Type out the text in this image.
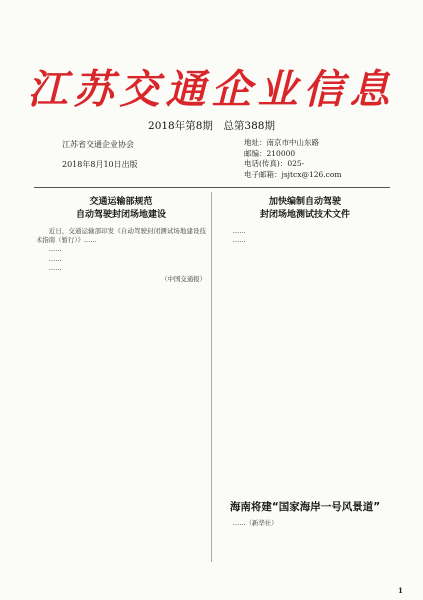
江苏交通企业信息
2018年第8期　总第388期
江苏省交通企业协会
2018年8月10日出版
地址：南京市中山东路
邮编：210000
电话(传真)：025-
电子邮箱：jsjtcx@126.com
交通运输部规范
自动驾驶封闭场地建设

近日，交通运输部印发《自动驾驶封闭测试场地建设技术指南（暂行）》……

……

……

……

（中国交通报）
加快编制自动驾驶
封闭场地测试技术文件

……

……

海南将建“国家海岸一号风景道”

……（新华社）

1
